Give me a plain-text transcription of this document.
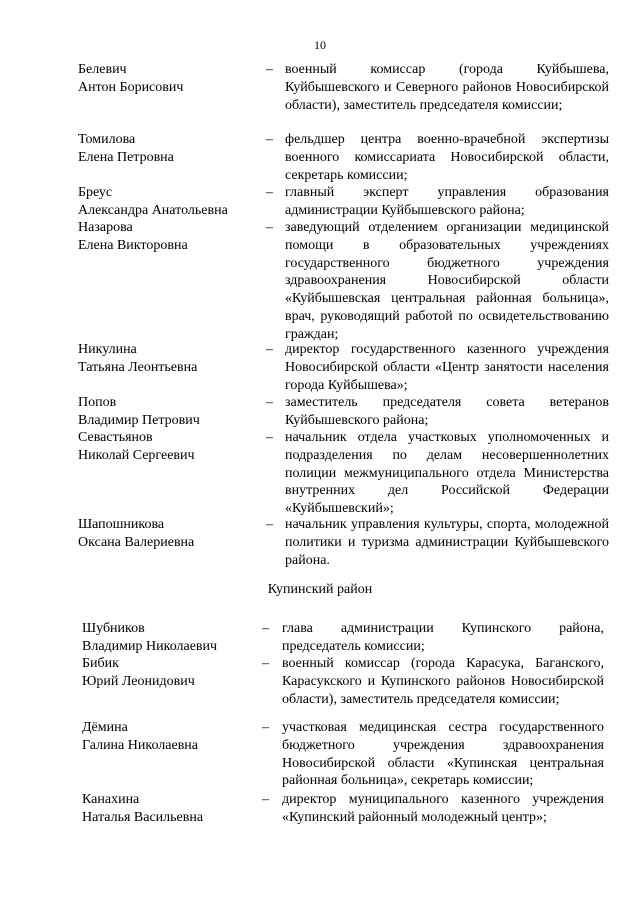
10
Белевич
Антон Борисович
– военный комиссар (города Куйбышева, Куйбышевского и Северного районов Новосибирской области), заместитель председателя комиссии;
Томилова
Елена Петровна
– фельдшер центра военно-врачебной экспертизы военного комиссариата Новосибирской области, секретарь комиссии;
Бреус
Александра Анатольевна
– главный эксперт управления образования администрации Куйбышевского района;
Назарова
Елена Викторовна
– заведующий отделением организации медицинской помощи в образовательных учреждениях государственного бюджетного учреждения здравоохранения Новосибирской области «Куйбышевская центральная районная больница», врач, руководящий работой по освидетельствованию граждан;
Никулина
Татьяна Леонтьевна
– директор государственного казенного учреждения Новосибирской области «Центр занятости населения города Куйбышева»;
Попов
Владимир Петрович
– заместитель председателя совета ветеранов Куйбышевского района;
Севастьянов
Николай Сергеевич
– начальник отдела участковых уполномоченных и подразделения по делам несовершеннолетних полиции межмуниципального отдела Министерства внутренних дел Российской Федерации «Куйбышевский»;
Шапошникова
Оксана Валериевна
– начальник управления культуры, спорта, молодежной политики и туризма администрации Куйбышевского района.
Купинский район
Шубников
Владимир Николаевич
– глава администрации Купинского района, председатель комиссии;
Бибик
Юрий Леонидович
– военный комиссар (города Карасука, Баганского, Карасукского и Купинского районов Новосибирской области), заместитель председателя комиссии;
Дёмина
Галина Николаевна
– участковая медицинская сестра государственного бюджетного учреждения здравоохранения Новосибирской области «Купинская центральная районная больница», секретарь комиссии;
Канахина
Наталья Васильевна
– директор муниципального казенного учреждения «Купинский районный молодежный центр»;
